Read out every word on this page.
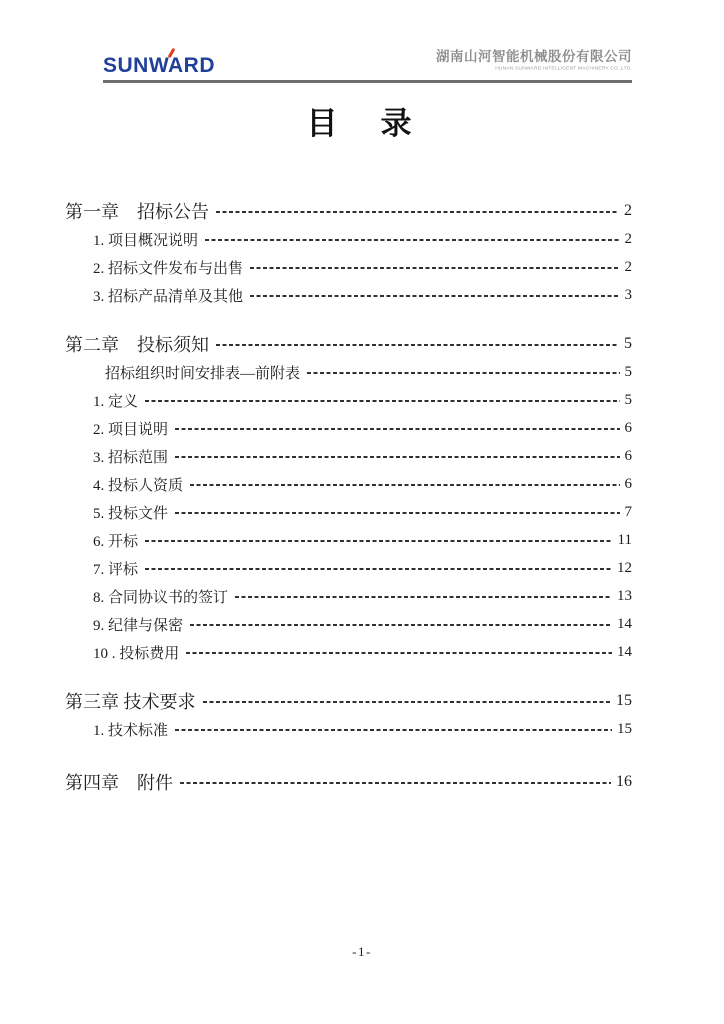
SUNWARD	湖南山河智能机械股份有限公司
HUNAN SUNWARD INTELLIGENT MACHINERY CO.,LTD.
目　录
第一章　招标公告	2
1. 项目概况说明	2
2. 招标文件发布与出售	2
3. 招标产品清单及其他	3
第二章　投标须知	5
招标组织时间安排表—前附表	5
1. 定义	5
2. 项目说明	6
3. 招标范围	6
4. 投标人资质	6
5. 投标文件	7
6. 开标	11
7. 评标	12
8. 合同协议书的签订	13
9. 纪律与保密	14
10 . 投标费用	14
第三章 技术要求	15
1. 技术标准	15
第四章　附件	16
-1-
